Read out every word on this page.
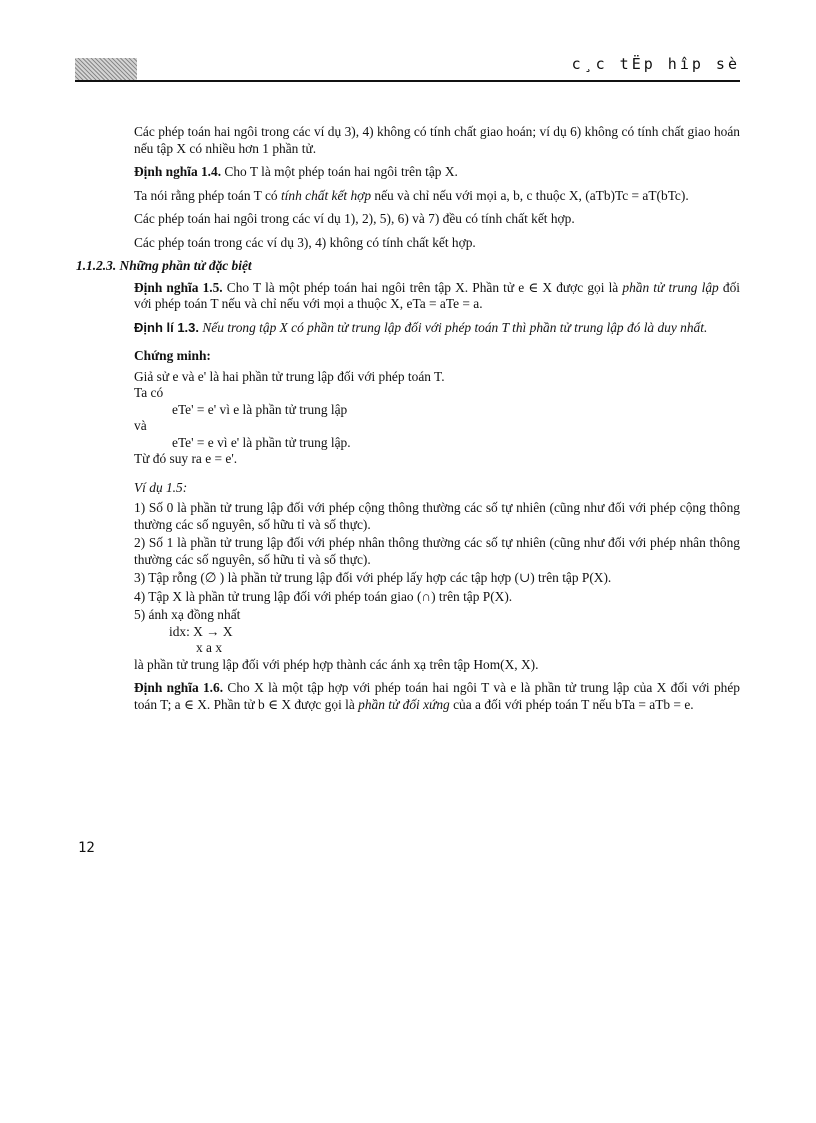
c¸c tËp hîp sè

Các phép toán hai ngôi trong các ví dụ 3), 4) không có tính chất giao hoán; ví dụ 6) không có tính chất giao hoán nếu tập X có nhiều hơn 1 phần tử.

Định nghĩa 1.4. Cho T là một phép toán hai ngôi trên tập X.

Ta nói rằng phép toán T có tính chất kết hợp nếu và chỉ nếu với mọi a, b, c thuộc X, (aTb)Tc = aT(bTc).

Các phép toán hai ngôi trong các ví dụ 1), 2), 5), 6) và 7) đều có tính chất kết hợp.

Các phép toán trong các ví dụ 3), 4) không có tính chất kết hợp.

1.1.2.3. Những phần tử đặc biệt

Định nghĩa 1.5. Cho T là một phép toán hai ngôi trên tập X. Phần tử e ∈ X được gọi là phần tử trung lập đối với phép toán T nếu và chỉ nếu với mọi a thuộc X, eTa = aTe = a.

Định lí 1.3. Nếu trong tập X có phần tử trung lập đối với phép toán T thì phần tử trung lập đó là duy nhất.

Chứng minh:

Giả sử e và e' là hai phần tử trung lập đối với phép toán T.

Ta có

eTe' = e' vì e là phần tử trung lập

và

eTe' = e vì e' là phần tử trung lập.

Từ đó suy ra e = e'.

Ví dụ 1.5:

1) Số 0 là phần tử trung lập đối với phép cộng thông thường các số tự nhiên (cũng như đối với phép cộng thông thường các số nguyên, số hữu tỉ và số thực).

2) Số 1 là phần tử trung lập đối với phép nhân thông thường các số tự nhiên (cũng như đối với phép nhân thông thường các số nguyên, số hữu tỉ và số thực).

3) Tập rỗng (∅ ) là phần tử trung lập đối với phép lấy hợp các tập hợp (∪) trên tập P(X).

4) Tập X là phần tử trung lập đối với phép toán giao (∩) trên tập P(X).

5) ánh xạ đồng nhất

idx: X → X

x a x

là phần tử trung lập đối với phép hợp thành các ánh xạ trên tập Hom(X, X).

Định nghĩa 1.6. Cho X là một tập hợp với phép toán hai ngôi T và e là phần tử trung lập của X đối với phép toán T; a ∈ X. Phần tử b ∈ X được gọi là phần tử đối xứng của a đối với phép toán T nếu bTa = aTb = e.

12
